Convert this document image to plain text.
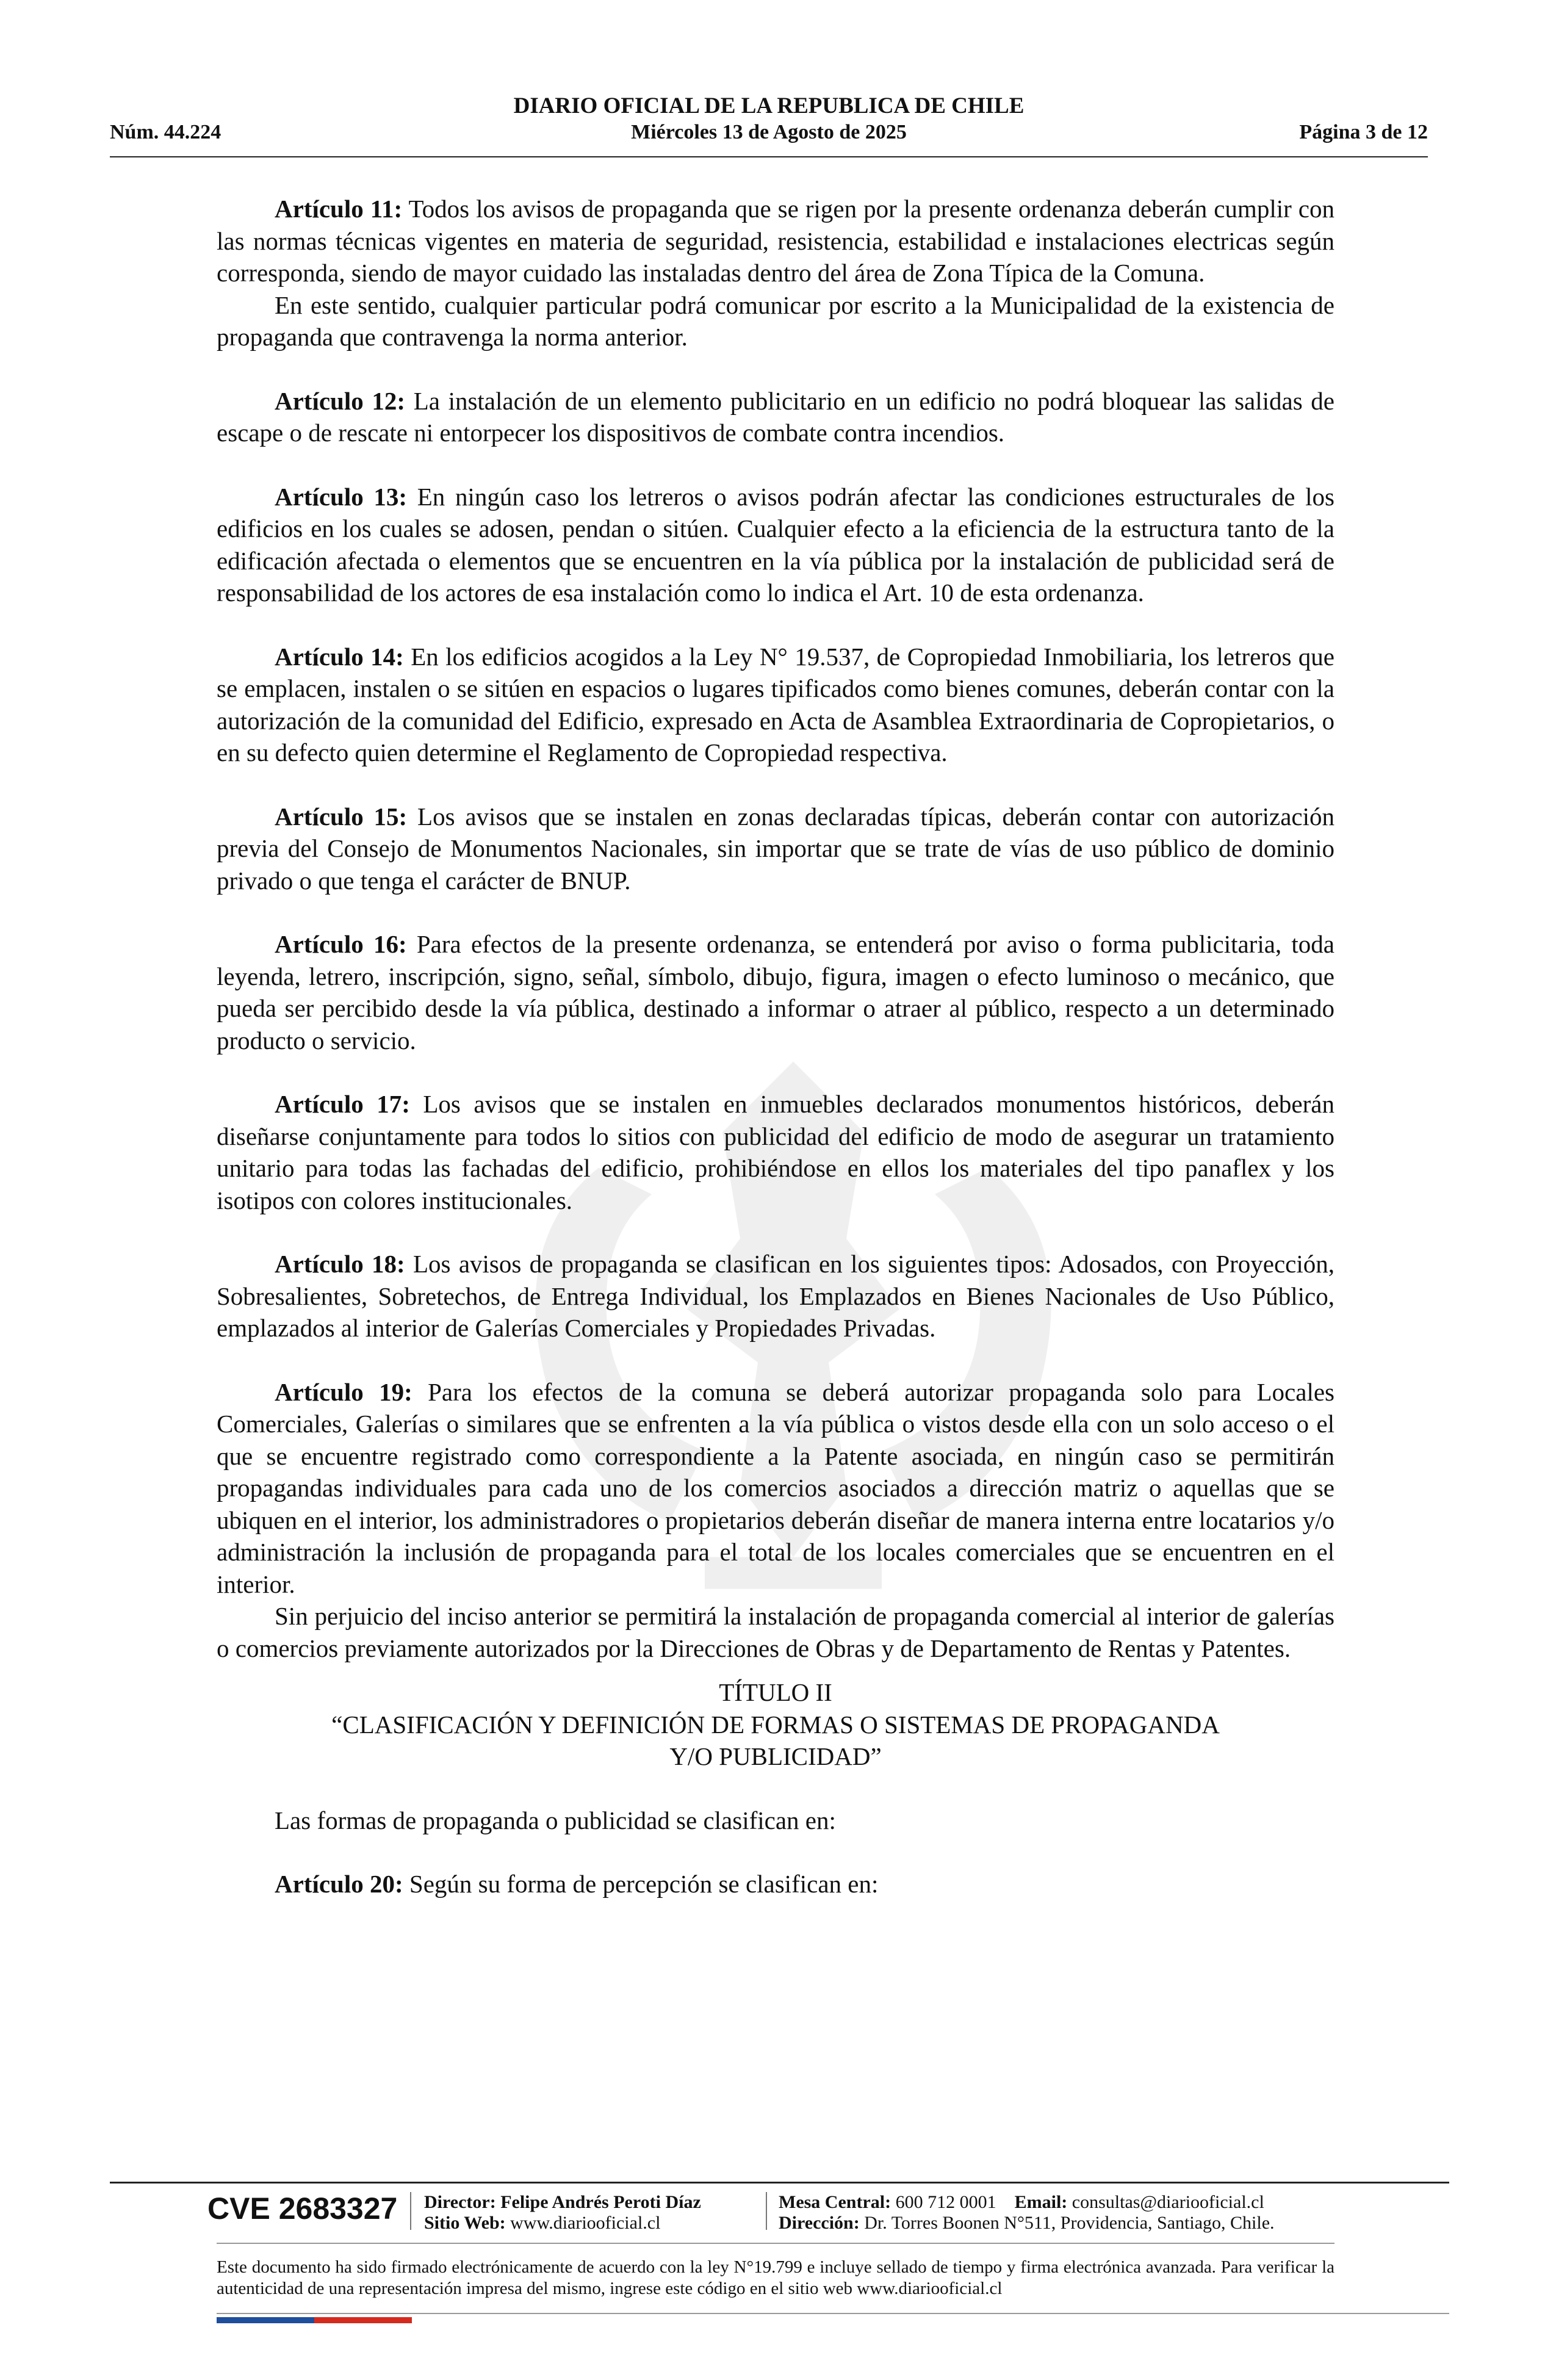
DIARIO OFICIAL DE LA REPUBLICA DE CHILE
Núm. 44.224	Miércoles 13 de Agosto de 2025	Página 3 de 12

Artículo 11: Todos los avisos de propaganda que se rigen por la presente ordenanza deberán cumplir con las normas técnicas vigentes en materia de seguridad, resistencia, estabilidad e instalaciones electricas según corresponda, siendo de mayor cuidado las instaladas dentro del área de Zona Típica de la Comuna.

En este sentido, cualquier particular podrá comunicar por escrito a la Municipalidad de la existencia de propaganda que contravenga la norma anterior.

Artículo 12: La instalación de un elemento publicitario en un edificio no podrá bloquear las salidas de escape o de rescate ni entorpecer los dispositivos de combate contra incendios.

Artículo 13: En ningún caso los letreros o avisos podrán afectar las condiciones estructurales de los edificios en los cuales se adosen, pendan o sitúen. Cualquier efecto a la eficiencia de la estructura tanto de la edificación afectada o elementos que se encuentren en la vía pública por la instalación de publicidad será de responsabilidad de los actores de esa instalación como lo indica el Art. 10 de esta ordenanza.

Artículo 14: En los edificios acogidos a la Ley N° 19.537, de Copropiedad Inmobiliaria, los letreros que se emplacen, instalen o se sitúen en espacios o lugares tipificados como bienes comunes, deberán contar con la autorización de la comunidad del Edificio, expresado en Acta de Asamblea Extraordinaria de Copropietarios, o en su defecto quien determine el Reglamento de Copropiedad respectiva.

Artículo 15: Los avisos que se instalen en zonas declaradas típicas, deberán contar con autorización previa del Consejo de Monumentos Nacionales, sin importar que se trate de vías de uso público de dominio privado o que tenga el carácter de BNUP.

Artículo 16: Para efectos de la presente ordenanza, se entenderá por aviso o forma publicitaria, toda leyenda, letrero, inscripción, signo, señal, símbolo, dibujo, figura, imagen o efecto luminoso o mecánico, que pueda ser percibido desde la vía pública, destinado a informar o atraer al público, respecto a un determinado producto o servicio.

Artículo 17: Los avisos que se instalen en inmuebles declarados monumentos históricos, deberán diseñarse conjuntamente para todos lo sitios con publicidad del edificio de modo de asegurar un tratamiento unitario para todas las fachadas del edificio, prohibiéndose en ellos los materiales del tipo panaflex y los isotipos con colores institucionales.

Artículo 18: Los avisos de propaganda se clasifican en los siguientes tipos: Adosados, con Proyección, Sobresalientes, Sobretechos, de Entrega Individual, los Emplazados en Bienes Nacionales de Uso Público, emplazados al interior de Galerías Comerciales y Propiedades Privadas.

Artículo 19: Para los efectos de la comuna se deberá autorizar propaganda solo para Locales Comerciales, Galerías o similares que se enfrenten a la vía pública o vistos desde ella con un solo acceso o el que se encuentre registrado como correspondiente a la Patente asociada, en ningún caso se permitirán propagandas individuales para cada uno de los comercios asociados a dirección matriz o aquellas que se ubiquen en el interior, los administradores o propietarios deberán diseñar de manera interna entre locatarios y/o administración la inclusión de propaganda para el total de los locales comerciales que se encuentren en el interior.

Sin perjuicio del inciso anterior se permitirá la instalación de propaganda comercial al interior de galerías o comercios previamente autorizados por la Direcciones de Obras y de Departamento de Rentas y Patentes.

TÍTULO II
“CLASIFICACIÓN Y DEFINICIÓN DE FORMAS O SISTEMAS DE PROPAGANDA
Y/O PUBLICIDAD”

Las formas de propaganda o publicidad se clasifican en:

Artículo 20: Según su forma de percepción se clasifican en:

CVE 2683327 Director: Felipe Andrés Peroti Díaz
Sitio Web: www.diariooficial.cl
Mesa Central: 600 712 0001 Email: consultas@diariooficial.cl
Dirección: Dr. Torres Boonen N°511, Providencia, Santiago, Chile.
Este documento ha sido firmado electrónicamente de acuerdo con la ley N°19.799 e incluye sellado de tiempo y firma electrónica avanzada. Para verificar la autenticidad de una representación impresa del mismo, ingrese este código en el sitio web www.diariooficial.cl
